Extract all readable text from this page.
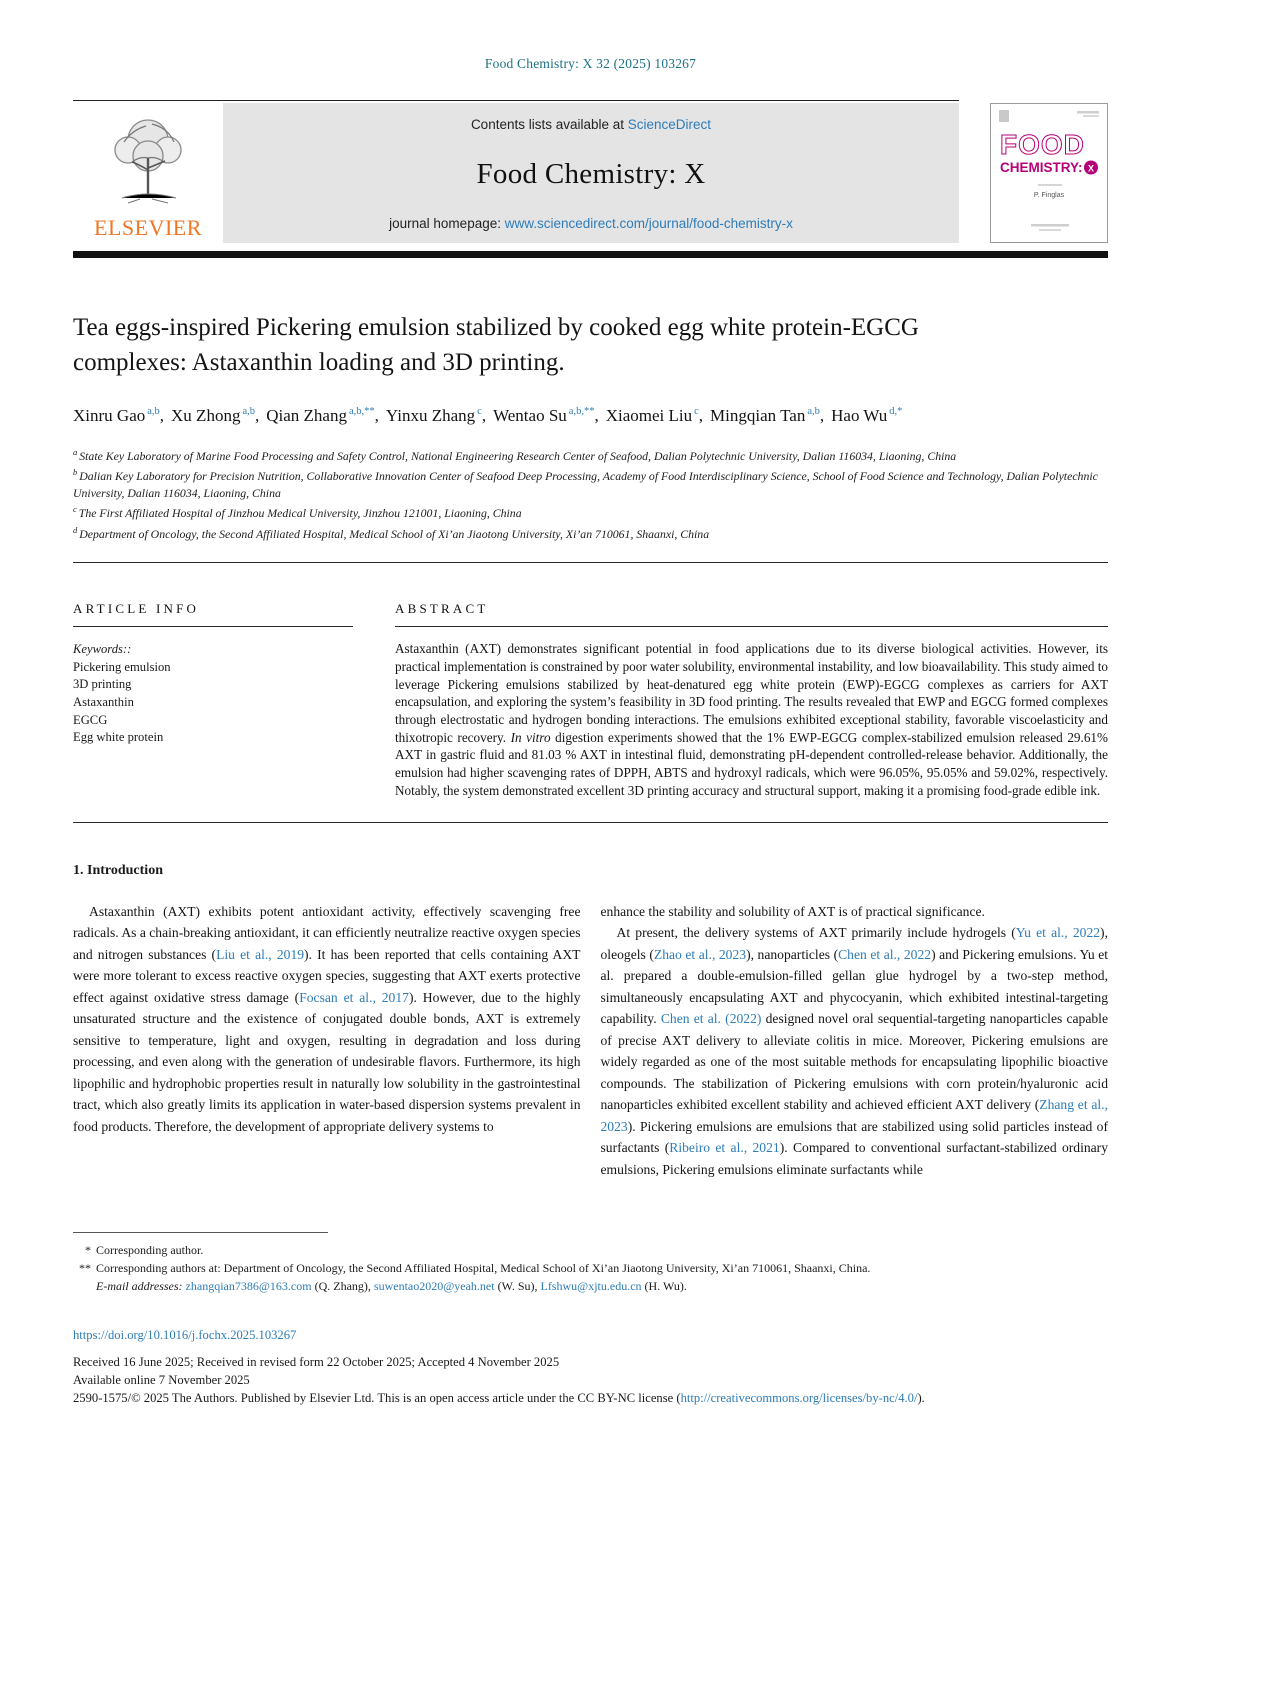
Food Chemistry: X 32 (2025) 103267
ELSEVIER
Contents lists available at ScienceDirect
Food Chemistry: X
journal homepage: www.sciencedirect.com/journal/food-chemistry-x
FOOD
CHEMISTRY: X
P. Finglas
Tea eggs-inspired Pickering emulsion stabilized by cooked egg white protein-EGCG complexes: Astaxanthin loading and 3D printing.
Xinru Gao $^{a,b}$, Xu Zhong $^{a,b}$, Qian Zhang $^{a,b,**}$, Yinxu Zhang $^c$, Wentao Su $^{a,b,**}$, Xiaomei Liu $^c$, Mingqian Tan $^{a,b}$, Hao Wu $^{d,*}$
$^a$ State Key Laboratory of Marine Food Processing and Safety Control, National Engineering Research Center of Seafood, Dalian Polytechnic University, Dalian 116034, Liaoning, China
$^b$ Dalian Key Laboratory for Precision Nutrition, Collaborative Innovation Center of Seafood Deep Processing, Academy of Food Interdisciplinary Science, School of Food Science and Technology, Dalian Polytechnic University, Dalian 116034, Liaoning, China
$^c$ The First Affiliated Hospital of Jinzhou Medical University, Jinzhou 121001, Liaoning, China
$^d$ Department of Oncology, the Second Affiliated Hospital, Medical School of Xi’an Jiaotong University, Xi’an 710061, Shaanxi, China
ARTICLE INFO
Keywords::
Pickering emulsion
3D printing
Astaxanthin
EGCG
Egg white protein
ABSTRACT

Astaxanthin (AXT) demonstrates significant potential in food applications due to its diverse biological activities. However, its practical implementation is constrained by poor water solubility, environmental instability, and low bioavailability. This study aimed to leverage Pickering emulsions stabilized by heat-denatured egg white protein (EWP)-EGCG complexes as carriers for AXT encapsulation, and exploring the system’s feasibility in 3D food printing. The results revealed that EWP and EGCG formed complexes through electrostatic and hydrogen bonding interactions. The emulsions exhibited exceptional stability, favorable viscoelasticity and thixotropic recovery. In vitro digestion experiments showed that the 1% EWP-EGCG complex-stabilized emulsion released 29.61% AXT in gastric fluid and 81.03 % AXT in intestinal fluid, demonstrating pH-dependent controlled-release behavior. Additionally, the emulsion had higher scavenging rates of DPPH, ABTS and hydroxyl radicals, which were 96.05%, 95.05% and 59.02%, respectively. Notably, the system demonstrated excellent 3D printing accuracy and structural support, making it a promising food-grade edible ink.

1. Introduction

Astaxanthin (AXT) exhibits potent antioxidant activity, effectively scavenging free radicals. As a chain-breaking antioxidant, it can efficiently neutralize reactive oxygen species and nitrogen substances (Liu et al., 2019). It has been reported that cells containing AXT were more tolerant to excess reactive oxygen species, suggesting that AXT exerts protective effect against oxidative stress damage (Focsan et al., 2017). However, due to the highly unsaturated structure and the existence of conjugated double bonds, AXT is extremely sensitive to temperature, light and oxygen, resulting in degradation and loss during processing, and even along with the generation of undesirable flavors. Furthermore, its high lipophilic and hydrophobic properties result in naturally low solubility in the gastrointestinal tract, which also greatly limits its application in water-based dispersion systems prevalent in food products. Therefore, the development of appropriate delivery systems to

enhance the stability and solubility of AXT is of practical significance.

At present, the delivery systems of AXT primarily include hydrogels (Yu et al., 2022), oleogels (Zhao et al., 2023), nanoparticles (Chen et al., 2022) and Pickering emulsions. Yu et al. prepared a double-emulsion-filled gellan glue hydrogel by a two-step method, simultaneously encapsulating AXT and phycocyanin, which exhibited intestinal-targeting capability. Chen et al. (2022) designed novel oral sequential-targeting nanoparticles capable of precise AXT delivery to alleviate colitis in mice. Moreover, Pickering emulsions are widely regarded as one of the most suitable methods for encapsulating lipophilic bioactive compounds. The stabilization of Pickering emulsions with corn protein/hyaluronic acid nanoparticles exhibited excellent stability and achieved efficient AXT delivery (Zhang et al., 2023). Pickering emulsions are emulsions that are stabilized using solid particles instead of surfactants (Ribeiro et al., 2021). Compared to conventional surfactant-stabilized ordinary emulsions, Pickering emulsions eliminate surfactants while

* Corresponding author.
** Corresponding authors at: Department of Oncology, the Second Affiliated Hospital, Medical School of Xi’an Jiaotong University, Xi’an 710061, Shaanxi, China.
E-mail addresses: zhangqian7386@163.com (Q. Zhang), suwentao2020@yeah.net (W. Su), Lfshwu@xjtu.edu.cn (H. Wu).
https://doi.org/10.1016/j.fochx.2025.103267
Received 16 June 2025; Received in revised form 22 October 2025; Accepted 4 November 2025
Available online 7 November 2025
2590-1575/© 2025 The Authors. Published by Elsevier Ltd. This is an open access article under the CC BY-NC license (http://creativecommons.org/licenses/by-nc/4.0/).
